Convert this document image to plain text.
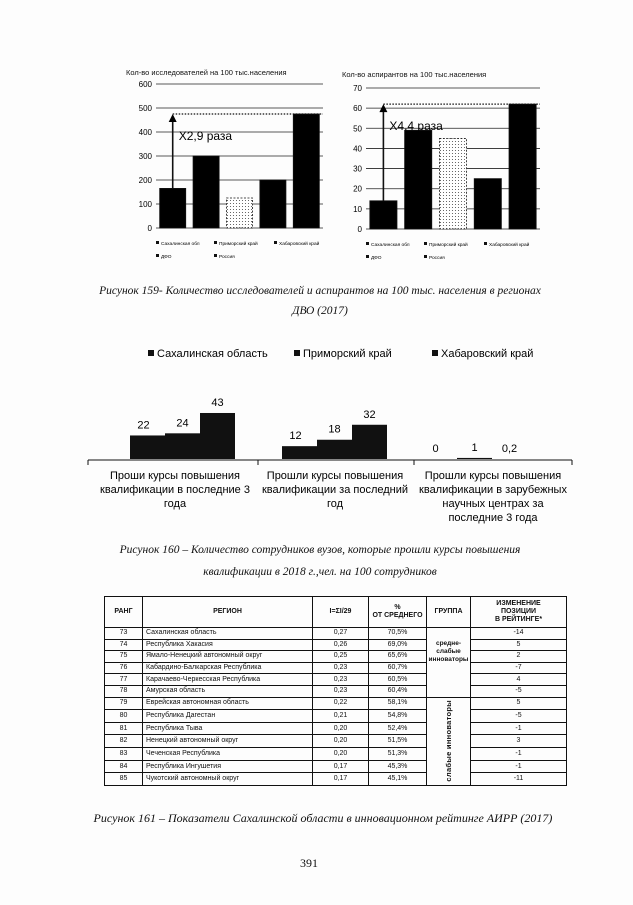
Кол-во исследователей на 100 тыс.населения	Кол-во аспирантов на 100 тыс.населения
0
100
200
300
400
500
600
Х2,9 раза
Сахалинская обл	Приморский край	Хабаровский край
ДФО	Россия
0
10
20
30
40
50
60
70
Х4,4 раза
Сахалинская обл	Приморский край	Хабаровский край
ДФО	Россия
Рисунок 159- Количество исследователей и аспирантов на 100 тыс. населения в регионах
ДВО (2017)
Сахалинская область	Приморский край	Хабаровский край
22 24
43
12
18
32
0	1 0,2
Проши курсы повышения
квалификации в последние 3
года
Прошли курсы повышения
квалификации за последний
год
Прошли курсы повышения
квалификации в зарубежных
научных центрах за
последние 3 года
Рисунок 160 – Количество сотрудников вузов, которые прошли курсы повышения
квалификации в 2018 г.,чел. на 100 сотрудников
РАНГ	РЕГИОН	I=ΣI/29	%
ОТ СРЕДНЕГО	ГРУППА	ИЗМЕНЕНИЕ
ПОЗИЦИИ
В РЕЙТИНГЕ*
73	Сахалинская область	0,27	70,5%	средне-
слабые
инноваторы	-14
74	Республика Хакасия	0,26	69,0%		5
75	Ямало-Ненецкий автономный округ	0,25	65,6%		2
76	Кабардино-Балкарская Республика	0,23	60,7%		-7
77	Карачаево-Черкесская Республика	0,23	60,5%		4
78	Амурская область	0,23	60,4%		-5
79	Еврейская автономная область	0,22	58,1%	слабые инноваторы	5
80	Республика Дагестан	0,21	54,8%		-5
81	Республика Тыва	0,20	52,4%		-1
82	Ненецкий автономный округ	0,20	51,5%		3
83	Чеченская Республика	0,20	51,3%		-1
84	Республика Ингушетия	0,17	45,3%		-1
85	Чукотский автономный округ	0,17	45,1%		-11
Рисунок 161 – Показатели Сахалинской области в инновационном рейтинге АИРР (2017)
391
